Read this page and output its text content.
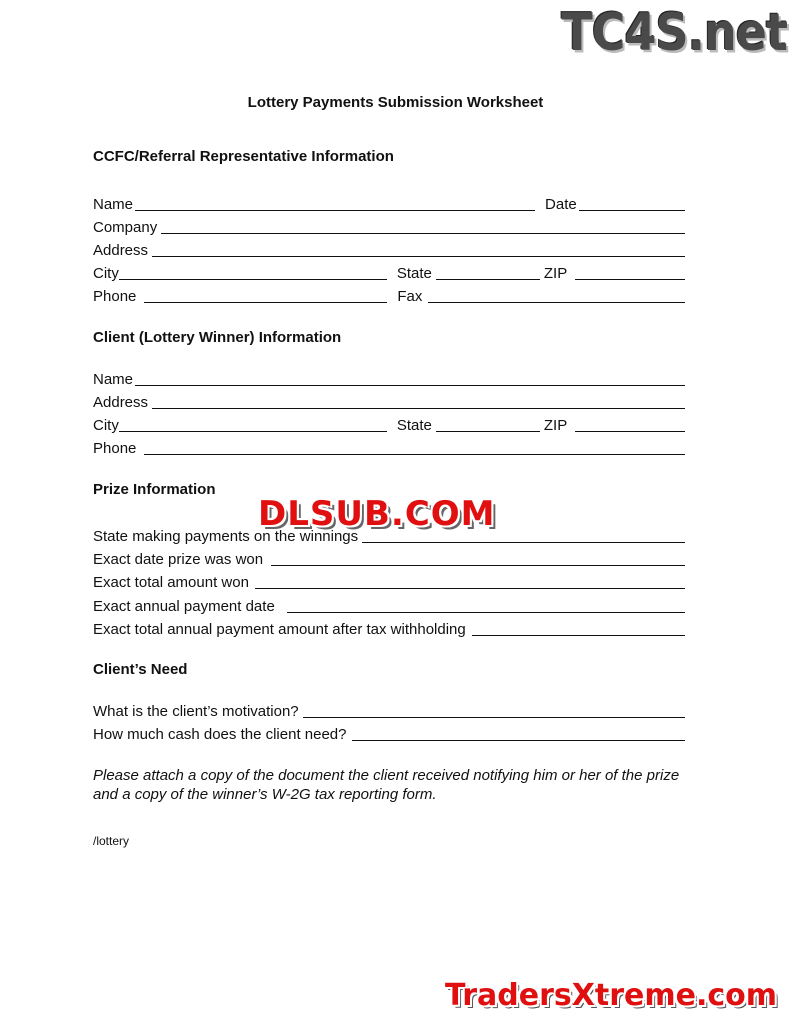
TC4S.net
Lottery Payments Submission Worksheet
CCFC/Referral Representative Information
Name	Date
Company
Address
City	State	ZIP
Phone	Fax
Client (Lottery Winner) Information
Name
Address
City	State	ZIP
Phone
Prize Information
State making payments on the winnings
Exact date prize was won
Exact total amount won
Exact annual payment date
Exact total annual payment amount after tax withholding
Client’s Need
What is the client’s motivation?
How much cash does the client need?
Please attach a copy of the document the client received notifying him or her of the prize and a copy of the winner’s W-2G tax reporting form.
/lottery
DLSUB.COM
TradersXtreme.com
